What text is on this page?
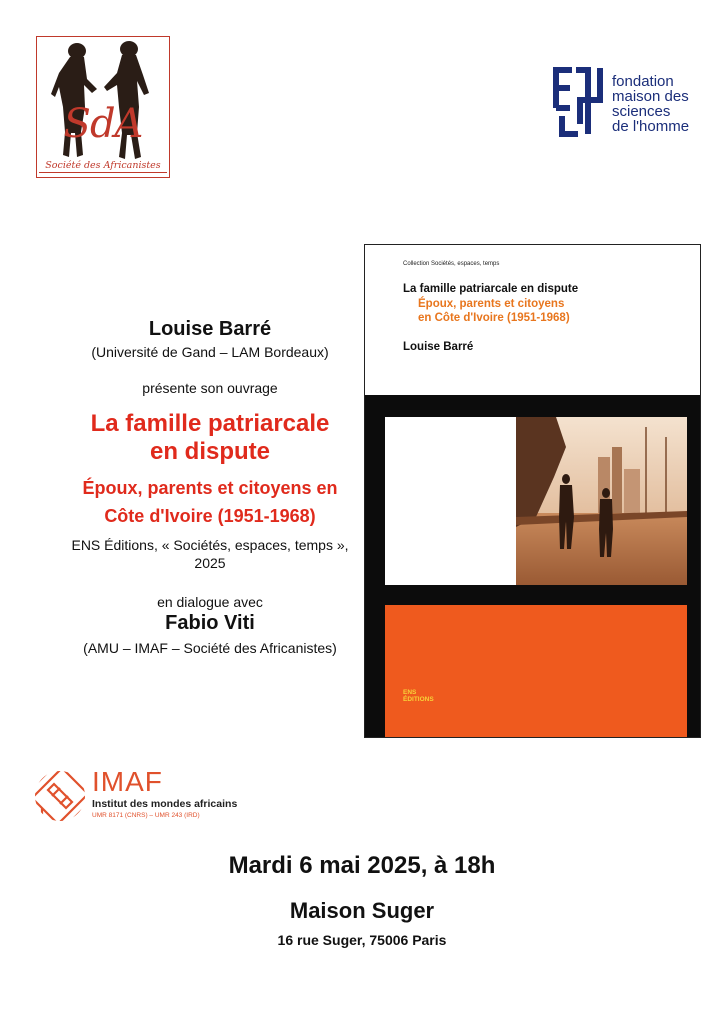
SdA
Société des Africanistes
fondation
maison des
sciences
de l'homme
Louise Barré
(Université de Gand – LAM Bordeaux)
présente son ouvrage
La famille patriarcale
en dispute
Époux, parents et citoyens en
Côte d'Ivoire (1951-1968)
ENS Éditions, « Sociétés, espaces, temps »,
2025
en dialogue avec
Fabio Viti
(AMU – IMAF – Société des Africanistes)
Collection Sociétés, espaces, temps
La famille patriarcale en dispute
Époux, parents et citoyens
en Côte d'Ivoire (1951-1968)
Louise Barré
ENS
ÉDITIONS
IMAF
Institut des mondes africains
UMR 8171 (CNRS) – UMR 243 (IRD)
Mardi 6 mai 2025, à 18h
Maison Suger
16 rue Suger, 75006 Paris
